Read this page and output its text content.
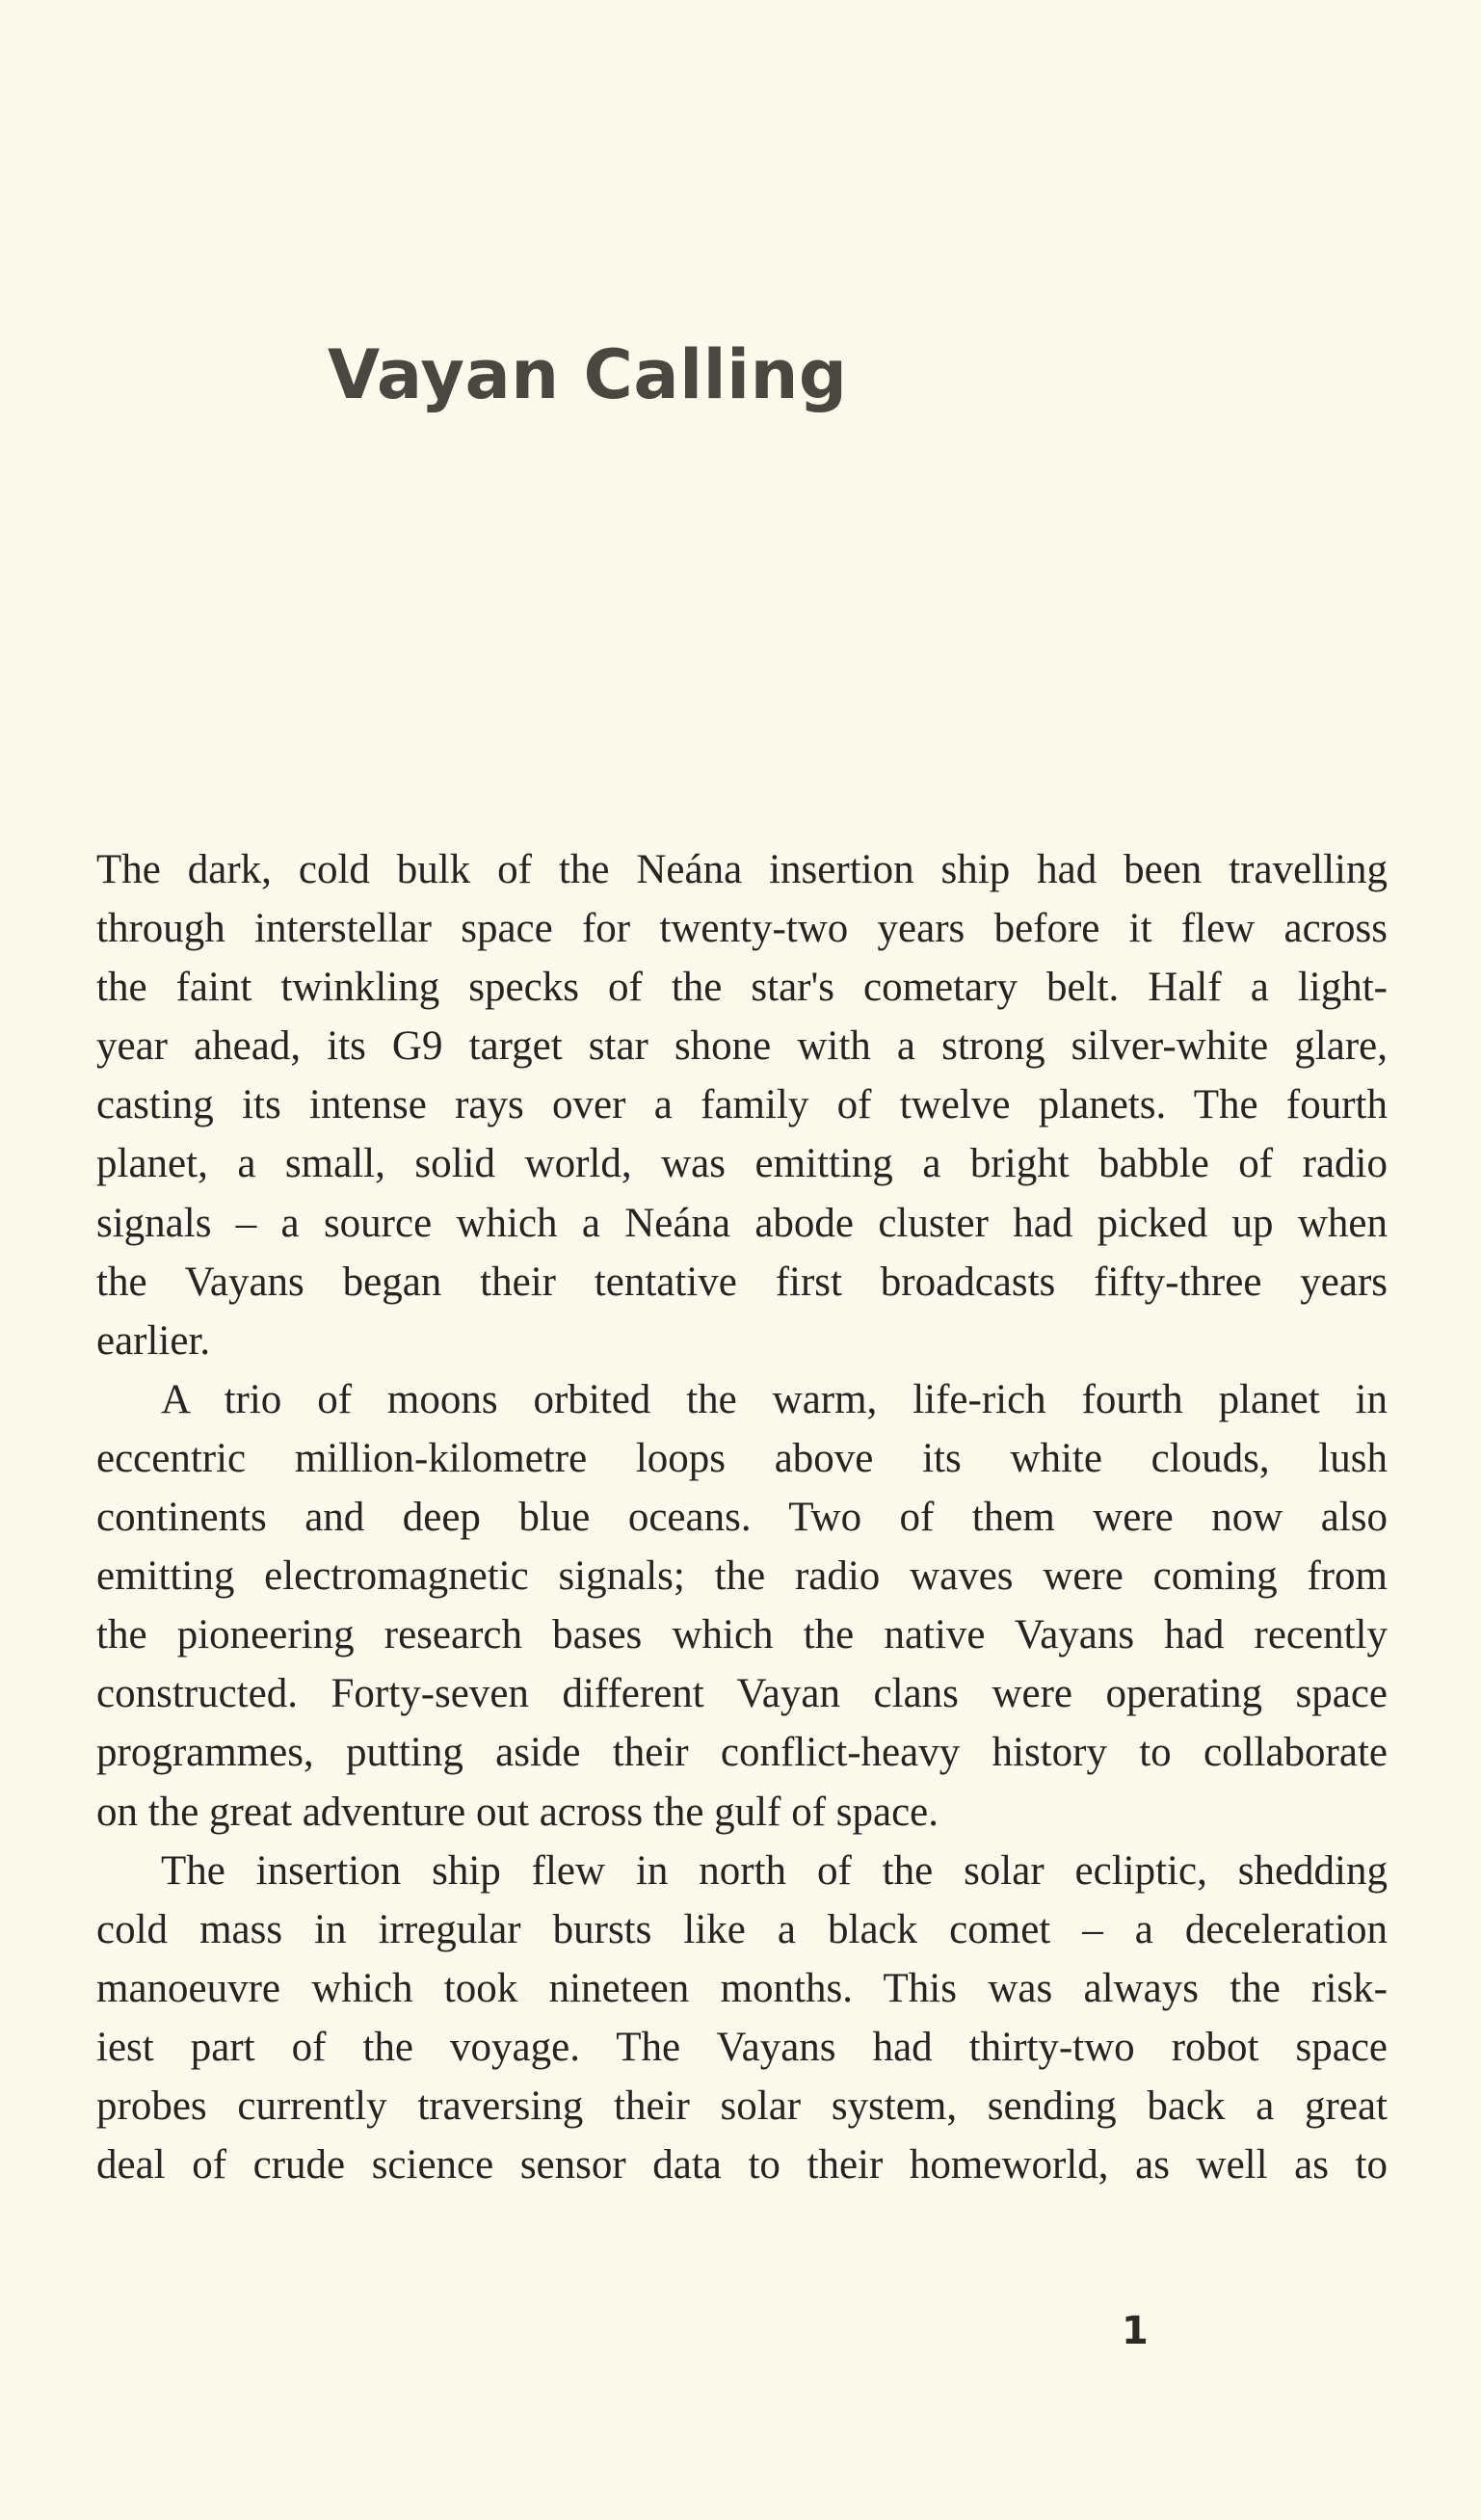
Vayan Calling

The dark, cold bulk of the Neána insertion ship had been travelling
through interstellar space for twenty-two years before it flew across
the faint twinkling specks of the star's cometary belt. Half a light-
year ahead, its G9 target star shone with a strong silver-white glare,
casting its intense rays over a family of twelve planets. The fourth
planet, a small, solid world, was emitting a bright babble of radio
signals – a source which a Neána abode cluster had picked up when
the Vayans began their tentative first broadcasts fifty-three years
earlier.

A trio of moons orbited the warm, life-rich fourth planet in
eccentric million-kilometre loops above its white clouds, lush
continents and deep blue oceans. Two of them were now also
emitting electromagnetic signals; the radio waves were coming from
the pioneering research bases which the native Vayans had recently
constructed. Forty-seven different Vayan clans were operating space
programmes, putting aside their conflict-heavy history to collaborate
on the great adventure out across the gulf of space.

The insertion ship flew in north of the solar ecliptic, shedding
cold mass in irregular bursts like a black comet – a deceleration
manoeuvre which took nineteen months. This was always the risk-
iest part of the voyage. The Vayans had thirty-two robot space
probes currently traversing their solar system, sending back a great
deal of crude science sensor data to their homeworld, as well as to

1
